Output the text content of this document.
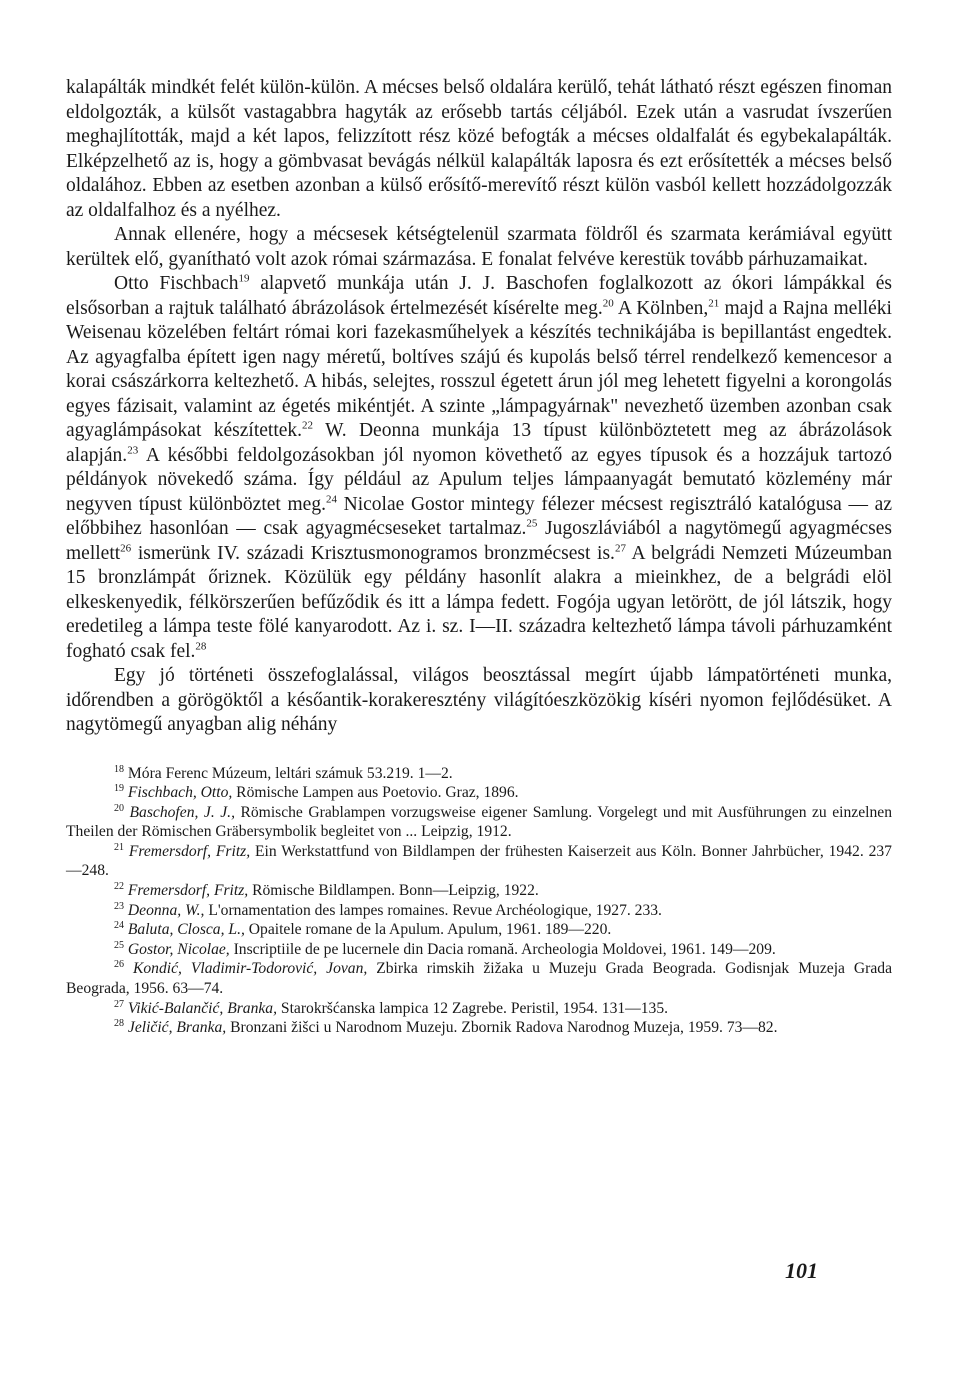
kalapálták mindkét felét külön-külön. A mécses belső oldalára kerülő, tehát látható részt egészen finoman eldolgozták, a külsőt vastagabbra hagyták az erősebb tartás céljából. Ezek után a vasrudat ívszerűen meghajlították, majd a két lapos, felizzított rész közé befogták a mécses oldalfalát és egybekalapálták. Elképzelhető az is, hogy a gömbvasat bevágás nélkül kalapálták laposra és ezt erősítették a mécses belső oldalához. Ebben az esetben azonban a külső erősítő-merevítő részt külön vasból kellett hozzádolgozzák az oldalfalhoz és a nyélhez.

Annak ellenére, hogy a mécsesek kétségtelenül szarmata földről és szarmata kerámiával együtt kerültek elő, gyanítható volt azok római származása. E fonalat felvéve kerestük tovább párhuzamaikat.

Otto Fischbach$^{19}$ alapvető munkája után J. J. Baschofen foglalkozott az ókori lámpákkal és elsősorban a rajtuk található ábrázolások értelmezését kísérelte meg.$^{20}$ A Kölnben,$^{21}$ majd a Rajna melléki Weisenau közelében feltárt római kori fazekasműhelyek a készítés technikájába is bepillantást engedtek. Az agyagfalba épített igen nagy méretű, boltíves szájú és kupolás belső térrel rendelkező kemencesor a korai császárkorra keltezhető. A hibás, selejtes, rosszul égetett árun jól meg lehetett figyelni a korongolás egyes fázisait, valamint az égetés mikéntjét. A szinte „lámpagyárnak" nevezhető üzemben azonban csak agyaglámpásokat készítettek.$^{22}$ W. Deonna munkája 13 típust különböztetett meg az ábrázolások alapján.$^{23}$ A későbbi feldolgozásokban jól nyomon követhető az egyes típusok és a hozzájuk tartozó példányok növekedő száma. Így például az Apulum teljes lámpaanyagát bemutató közlemény már negyven típust különböztet meg.$^{24}$ Nicolae Gostor mintegy félezer mécsest regisztráló katalógusa — az előbbihez hasonlóan — csak agyagmécseseket tartalmaz.$^{25}$ Jugoszláviából a nagytömegű agyagmécses mellett$^{26}$ ismerünk IV. századi Krisztusmonogramos bronzmécsest is.$^{27}$ A belgrádi Nemzeti Múzeumban 15 bronzlámpát őriznek. Közülük egy példány hasonlít alakra a mieinkhez, de a belgrádi elöl elkeskenyedik, félkörszerűen befűződik és itt a lámpa fedett. Fogója ugyan letörött, de jól látszik, hogy eredetileg a lámpa teste fölé kanyarodott. Az i. sz. I—II. századra keltezhető lámpa távoli párhuzamként fogható csak fel.$^{28}$

Egy jó történeti összefoglalással, világos beosztással megírt újabb lámpatörténeti munka, időrendben a görögöktől a későantik-korakeresztény világítóeszközökig kíséri nyomon fejlődésüket. A nagytömegű anyagban alig néhány

$^{18}$ Móra Ferenc Múzeum, leltári számuk 53.219. 1—2.

$^{19}$ Fischbach, Otto, Römische Lampen aus Poetovio. Graz, 1896.

$^{20}$ Baschofen, J. J., Römische Grablampen vorzugsweise eigener Samlung. Vorgelegt und mit Ausführungen zu einzelnen Theilen der Römischen Gräbersymbolik begleitet von ... Leipzig, 1912.

$^{21}$ Fremersdorf, Fritz, Ein Werkstattfund von Bildlampen der frühesten Kaiserzeit aus Köln. Bonner Jahrbücher, 1942. 237—248.

$^{22}$ Fremersdorf, Fritz, Römische Bildlampen. Bonn—Leipzig, 1922.

$^{23}$ Deonna, W., L'ornamentation des lampes romaines. Revue Archéologique, 1927. 233.

$^{24}$ Baluta, Closca, L., Opaitele romane de la Apulum. Apulum, 1961. 189—220.

$^{25}$ Gostor, Nicolae, Inscriptiile de pe lucernele din Dacia romană. Archeologia Moldovei, 1961. 149—209.

$^{26}$ Kondić, Vladimir-Todorović, Jovan, Zbirka rimskih žižaka u Muzeju Grada Beograda. Godisnjak Muzeja Grada Beograda, 1956. 63—74.

$^{27}$ Vikić-Balančić, Branka, Starokršćanska lampica 12 Zagrebe. Peristil, 1954. 131—135.

$^{28}$ Jeličić, Branka, Bronzani žišci u Narodnom Muzeju. Zbornik Radova Narodnog Muzeja, 1959. 73—82.

101
